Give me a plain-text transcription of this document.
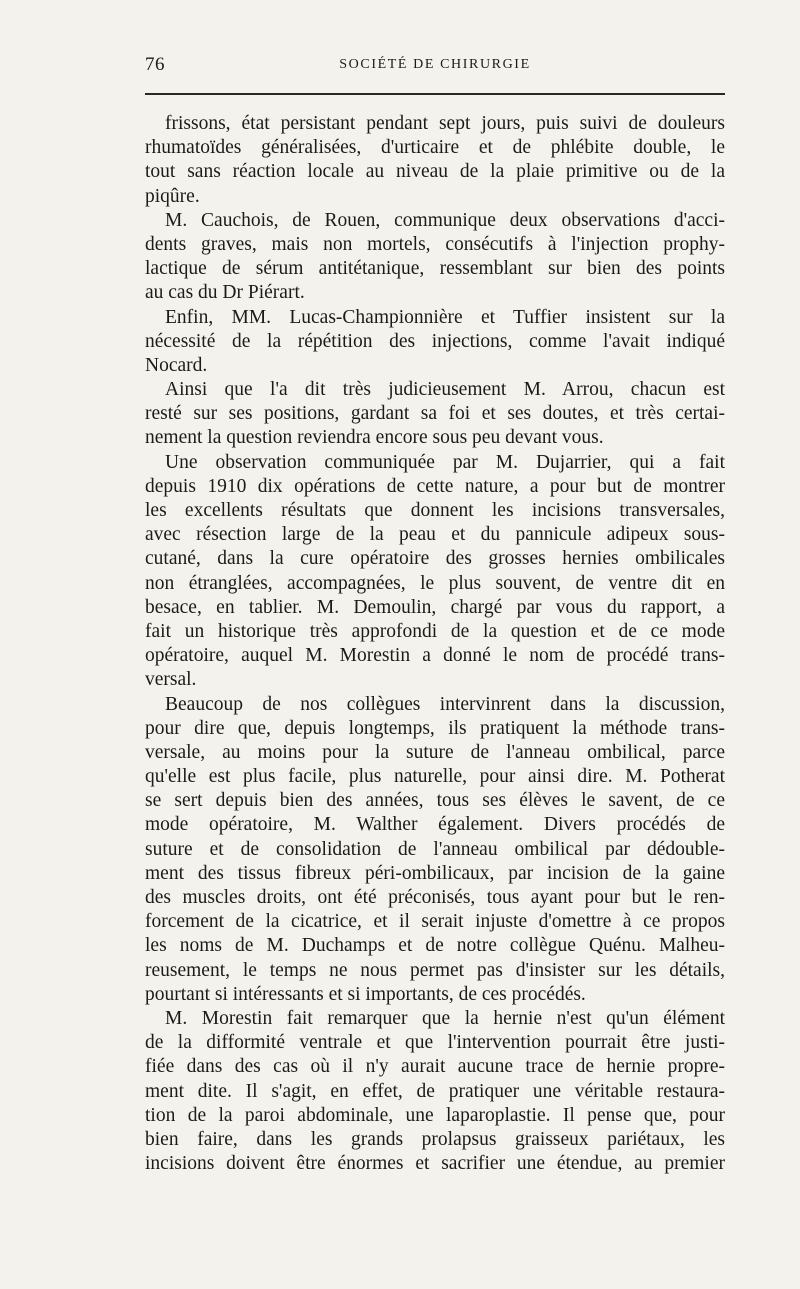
76	SOCIÉTÉ DE CHIRURGIE
frissons, état persistant pendant sept jours, puis suivi de douleurs
rhumatoïdes généralisées, d'urticaire et de phlébite double, le
tout sans réaction locale au niveau de la plaie primitive ou de la
piqûre.
M. Cauchois, de Rouen, communique deux observations d'acci-
dents graves, mais non mortels, consécutifs à l'injection prophy-
lactique de sérum antitétanique, ressemblant sur bien des points
au cas du Dr Piérart.
Enfin, MM. Lucas-Championnière et Tuffier insistent sur la
nécessité de la répétition des injections, comme l'avait indiqué
Nocard.
Ainsi que l'a dit très judicieusement M. Arrou, chacun est
resté sur ses positions, gardant sa foi et ses doutes, et très certai-
nement la question reviendra encore sous peu devant vous.
Une observation communiquée par M. Dujarrier, qui a fait
depuis 1910 dix opérations de cette nature, a pour but de montrer
les excellents résultats que donnent les incisions transversales,
avec résection large de la peau et du pannicule adipeux sous-
cutané, dans la cure opératoire des grosses hernies ombilicales
non étranglées, accompagnées, le plus souvent, de ventre dit en
besace, en tablier. M. Demoulin, chargé par vous du rapport, a
fait un historique très approfondi de la question et de ce mode
opératoire, auquel M. Morestin a donné le nom de procédé trans-
versal.
Beaucoup de nos collègues intervinrent dans la discussion,
pour dire que, depuis longtemps, ils pratiquent la méthode trans-
versale, au moins pour la suture de l'anneau ombilical, parce
qu'elle est plus facile, plus naturelle, pour ainsi dire. M. Potherat
se sert depuis bien des années, tous ses élèves le savent, de ce
mode opératoire, M. Walther également. Divers procédés de
suture et de consolidation de l'anneau ombilical par dédouble-
ment des tissus fibreux péri-ombilicaux, par incision de la gaine
des muscles droits, ont été préconisés, tous ayant pour but le ren-
forcement de la cicatrice, et il serait injuste d'omettre à ce propos
les noms de M. Duchamps et de notre collègue Quénu. Malheu-
reusement, le temps ne nous permet pas d'insister sur les détails,
pourtant si intéressants et si importants, de ces procédés.
M. Morestin fait remarquer que la hernie n'est qu'un élément
de la difformité ventrale et que l'intervention pourrait être justi-
fiée dans des cas où il n'y aurait aucune trace de hernie propre-
ment dite. Il s'agit, en effet, de pratiquer une véritable restaura-
tion de la paroi abdominale, une laparoplastie. Il pense que, pour
bien faire, dans les grands prolapsus graisseux pariétaux, les
incisions doivent être énormes et sacrifier une étendue, au premier
